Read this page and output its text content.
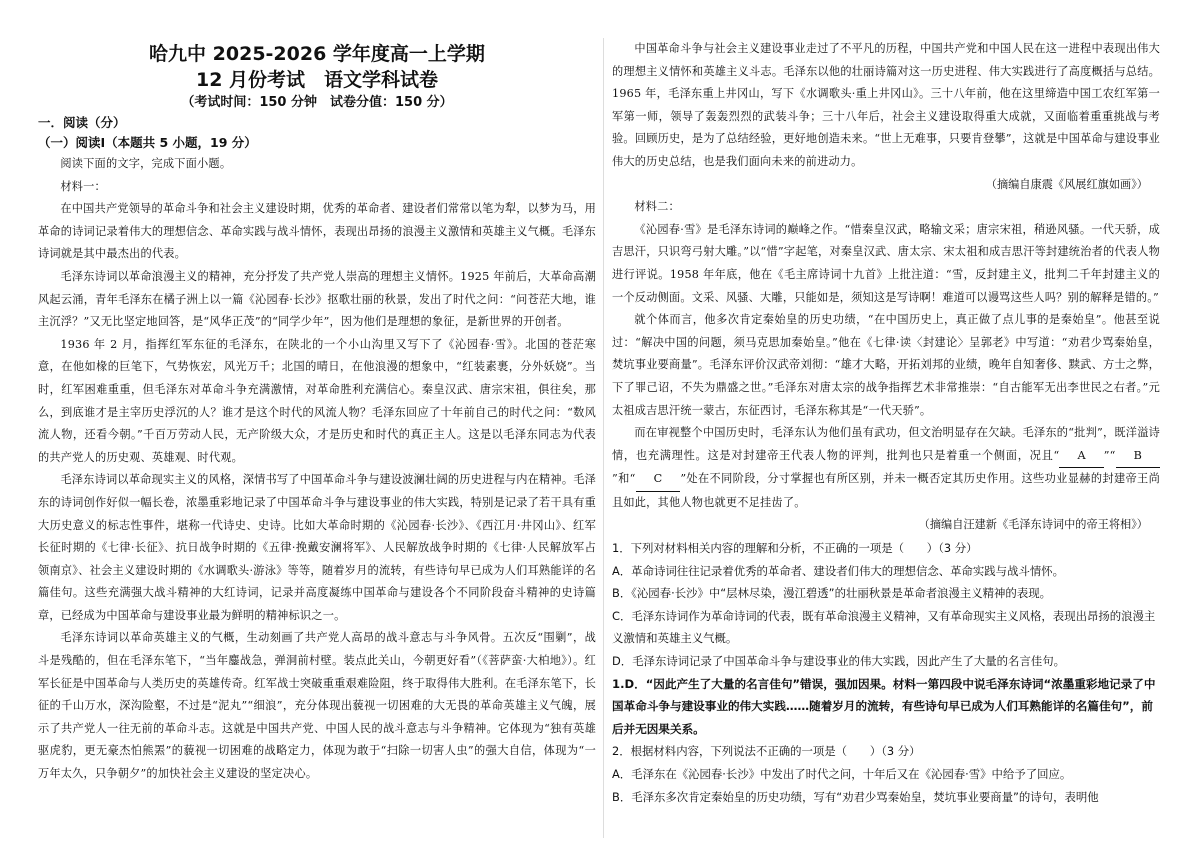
哈九中 2025-2026 学年度高一上学期
12 月份考试　语文学科试卷
（考试时间：150 分钟　试卷分值：150 分）
一．阅读（分）
（一）阅读Ⅰ（本题共 5 小题，19 分）

阅读下面的文字，完成下面小题。

材料一：

在中国共产党领导的革命斗争和社会主义建设时期，优秀的革命者、建设者们常常以笔为犁，以梦为马，用革命的诗词记录着伟大的理想信念、革命实践与战斗情怀，表现出昂扬的浪漫主义激情和英雄主义气概。毛泽东诗词就是其中最杰出的代表。

毛泽东诗词以革命浪漫主义的精神，充分抒发了共产党人崇高的理想主义情怀。1925 年前后，大革命高潮风起云涌，青年毛泽东在橘子洲上以一篇《沁园春·长沙》抠歌壮丽的秋景，发出了时代之问：“问苍茫大地，谁主沉浮？”又无比坚定地回答，是“风华正茂”的“同学少年”，因为他们是理想的象征，是新世界的开创者。

1936 年 2 月，指挥红军东征的毛泽东，在陕北的一个小山沟里又写下了《沁园春·雪》。北国的苍茫寒意，在他如椽的巨笔下，气势恢宏，风光万千；北国的晴日，在他浪漫的想象中，“红装素裹，分外妖娆”。当时，红军困难重重，但毛泽东对革命斗争充满激情，对革命胜利充满信心。秦皇汉武、唐宗宋祖，俱往矣，那么，到底谁才是主宰历史浮沉的人？谁才是这个时代的风流人物？毛泽东回应了十年前自己的时代之问：“数风流人物，还看今朝。”千百万劳动人民，无产阶级大众，才是历史和时代的真正主人。这是以毛泽东同志为代表的共产党人的历史观、英雄观、时代观。

毛泽东诗词以革命现实主义的风格，深情书写了中国革命斗争与建设波澜壮阔的历史进程与内在精神。毛泽东的诗词创作好似一幅长卷，浓墨重彩地记录了中国革命斗争与建设事业的伟大实践，特别是记录了若干具有重大历史意义的标志性事件，堪称一代诗史、史诗。比如大革命时期的《沁园春·长沙》、《西江月·井冈山》、红军长征时期的《七律·长征》、抗日战争时期的《五律·挽戴安澜将军》、人民解放战争时期的《七律·人民解放军占领南京》、社会主义建设时期的《水调歌头·游泳》等等，随着岁月的流转，有些诗句早已成为人们耳熟能详的名篇佳句。这些充满强大战斗精神的大红诗词，记录并高度凝练中国革命与建设各个不同阶段奋斗精神的史诗篇章，已经成为中国革命与建设事业最为鲜明的精神标识之一。

毛泽东诗词以革命英雄主义的气概，生动刻画了共产党人高昂的战斗意志与斗争风骨。五次反“围剿”，战斗是残酷的，但在毛泽东笔下，“当年鏖战急，弹洞前村壁。装点此关山，今朝更好看”（《菩萨蛮·大柏地》）。红军长征是中国革命与人类历史的英雄传奇。红军战士突破重重艰难险阻，终于取得伟大胜利。在毛泽东笔下，长征的千山万水，深沟险壑，不过是“泥丸”“细浪”，充分体现出藐视一切困难的大无畏的革命英雄主义气魄，展示了共产党人一往无前的革命斗志。这就是中国共产党、中国人民的战斗意志与斗争精神。它体现为“独有英雄驱虎豹，更无豪杰怕熊罴”的藐视一切困难的战略定力，体现为敢于“扫除一切害人虫”的强大自信，体现为“一万年太久，只争朝夕”的加快社会主义建设的坚定决心。

中国革命斗争与社会主义建设事业走过了不平凡的历程，中国共产党和中国人民在这一进程中表现出伟大的理想主义情怀和英雄主义斗志。毛泽东以他的壮丽诗篇对这一历史进程、伟大实践进行了高度概括与总结。1965 年，毛泽东重上井冈山，写下《水调歌头·重上井冈山》。三十八年前，他在这里缔造中国工农红军第一军第一师，领导了轰轰烈烈的武装斗争；三十八年后，社会主义建设取得重大成就，又面临着重重挑战与考验。回顾历史，是为了总结经验，更好地创造未来。“世上无难事，只要肯登攀”，这就是中国革命与建设事业伟大的历史总结，也是我们面向未来的前进动力。

（摘编自康震《风展红旗如画》）

材料二：

《沁园春·雪》是毛泽东诗词的巅峰之作。“惜秦皇汉武，略输文采；唐宗宋祖，稍逊风骚。一代天骄，成吉思汗，只识弯弓射大雕。”以“惜”字起笔，对秦皇汉武、唐太宗、宋太祖和成吉思汗等封建统治者的代表人物进行评说。1958 年年底，他在《毛主席诗词十九首》上批注道：“雪，反封建主义，批判二千年封建主义的一个反动侧面。文采、风骚、大雕，只能如是，须知这是写诗啊！难道可以谩骂这些人吗？别的解释是错的。”

就个体而言，他多次肯定秦始皇的历史功绩，“在中国历史上，真正做了点儿事的是秦始皇”。他甚至说过：“解决中国的问题，须马克思加秦始皇。”他在《七律·读〈封建论〉呈郭老》中写道：“劝君少骂秦始皇，焚坑事业要商量”。毛泽东评价汉武帝刘彻：“雄才大略，开拓刘邦的业绩，晚年自知奢侈、黩武、方士之弊，下了罪己诏，不失为鼎盛之世。”毛泽东对唐太宗的战争指挥艺术非常推崇：“自古能军无出李世民之右者。”元太祖成吉思汗统一蒙古，东征西讨，毛泽东称其是“一代天骄”。

而在审视整个中国历史时，毛泽东认为他们虽有武功，但文治明显存在欠缺。毛泽东的“批判”，既洋溢诗情，也充满理性。这是对封建帝王代表人物的评判，批判也只是着重一个侧面，况且“ A ”“ B”和“ C ”处在不同阶段，分寸掌握也有所区别，并未一概否定其历史作用。这些功业显赫的封建帝王尚且如此，其他人物也就更不足挂齿了。

（摘编自汪建新《毛泽东诗词中的帝王将相》）

1．下列对材料相关内容的理解和分析，不正确的一项是（　　）（3 分）

A．革命诗词往往记录着优秀的革命者、建设者们伟大的理想信念、革命实践与战斗情怀。

B．《沁园春·长沙》中“层林尽染，漫江碧透”的壮丽秋景是革命者浪漫主义精神的表现。

C．毛泽东诗词作为革命诗词的代表，既有革命浪漫主义精神，又有革命现实主义风格，表现出昂扬的浪漫主义激情和英雄主义气概。

D．毛泽东诗词记录了中国革命斗争与建设事业的伟大实践，因此产生了大量的名言佳句。

1.D．“因此产生了大量的名言佳句”错误，强加因果。材料一第四段中说毛泽东诗词“浓墨重彩地记录了中国革命斗争与建设事业的伟大实践……随着岁月的流转，有些诗句早已成为人们耳熟能详的名篇佳句”，前后并无因果关系。

2．根据材料内容，下列说法不正确的一项是（　　）（3 分）

A．毛泽东在《沁园春·长沙》中发出了时代之问，十年后又在《沁园春·雪》中给予了回应。

B．毛泽东多次肯定秦始皇的历史功绩，写有“劝君少骂秦始皇，焚坑事业要商量”的诗句，表明他
